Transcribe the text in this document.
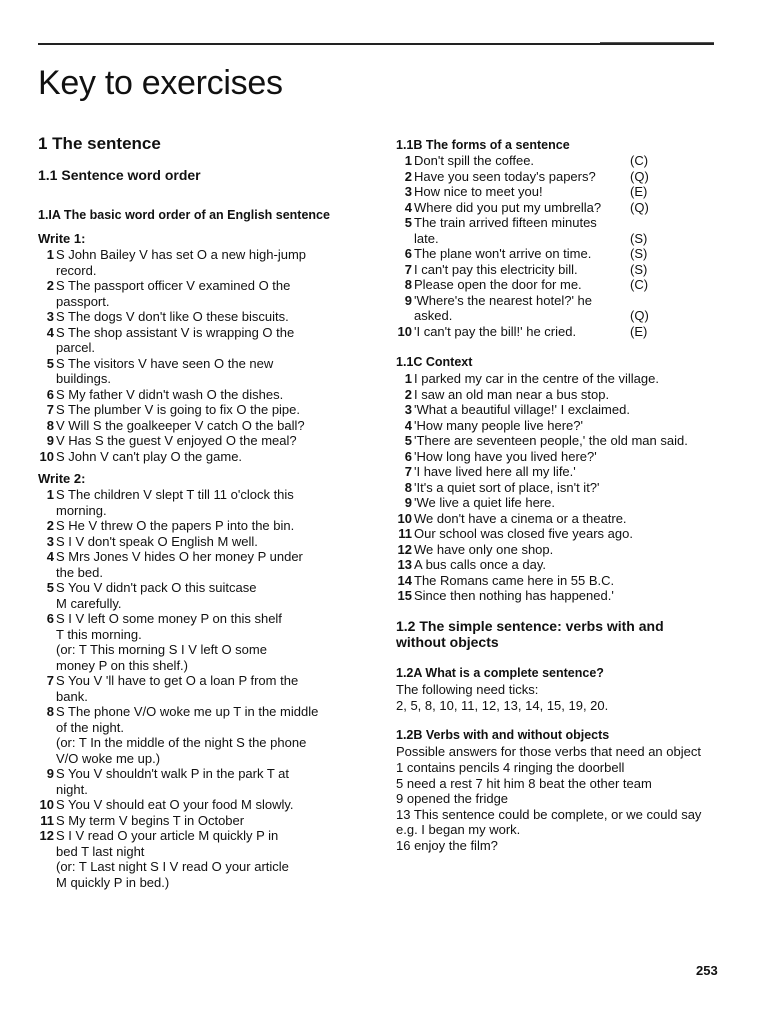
Key to exercises
1 The sentence
1.1 Sentence word order
1.IA The basic word order of an English sentence
Write 1:
1 S John Bailey V has set O a new high-jump
record.
2 S The passport officer V examined O the
passport.
3 S The dogs V don't like O these biscuits.
4 S The shop assistant V is wrapping O the
parcel.
5 S The visitors V have seen O the new
buildings.
6 S My father V didn't wash O the dishes.
7 S The plumber V is going to fix O the pipe.
8 V Will S the goalkeeper V catch O the ball?
9 V Has S the guest V enjoyed O the meal?
10 S John V can't play O the game.
Write 2:
1 S The children V slept T till 11 o'clock this
morning.
2 S He V threw O the papers P into the bin.
3 S I V don't speak O English M well.
4 S Mrs Jones V hides O her money P under
the bed.
5 S You V didn't pack O this suitcase
M carefully.
6 S I V left O some money P on this shelf
T this morning.
(or: T This morning S I V left O some
money P on this shelf.)
7 S You V 'll have to get O a loan P from the
bank.
8 S The phone V/O woke me up T in the middle
of the night.
(or: T In the middle of the night S the phone
V/O woke me up.)
9 S You V shouldn't walk P in the park T at
night.
10 S You V should eat O your food M slowly.
11 S My term V begins T in October
12 S I V read O your article M quickly P in
bed T last night
(or: T Last night S I V read O your article
M quickly P in bed.)
1.1B The forms of a sentence
1 Don't spill the coffee.	(C)
2 Have you seen today's papers?	(Q)
3 How nice to meet you!	(E)
4 Where did you put my umbrella? (Q)
5 The train arrived fifteen minutes
late.	(S)
6 The plane won't arrive on time.	(S)
7 I can't pay this electricity bill.	(S)
8 Please open the door for me.	(C)
9 'Where's the nearest hotel?' he
asked.	(Q)
10 'I can't pay the bill!' he cried.	(E)
1.1C Context
1 I parked my car in the centre of the village.
2 I saw an old man near a bus stop.
3 'What a beautiful village!' I exclaimed.
4 'How many people live here?'
5 'There are seventeen people,' the old man said.
6 'How long have you lived here?'
7 'I have lived here all my life.'
8 'It's a quiet sort of place, isn't it?'
9 'We live a quiet life here.
10 We don't have a cinema or a theatre.
11 Our school was closed five years ago.
12 We have only one shop.
13 A bus calls once a day.
14 The Romans came here in 55 B.C.
15 Since then nothing has happened.'
1.2 The simple sentence: verbs with and
without objects
1.2A What is a complete sentence?
The following need ticks:
2, 5, 8, 10, 11, 12, 13, 14, 15, 19, 20.
1.2B Verbs with and without objects
Possible answers for those verbs that need an object
1 contains pencils 4 ringing the doorbell
5 need a rest 7 hit him 8 beat the other team
9 opened the fridge
13 This sentence could be complete, or we could say
e.g. I began my work.
16 enjoy the film?
253
